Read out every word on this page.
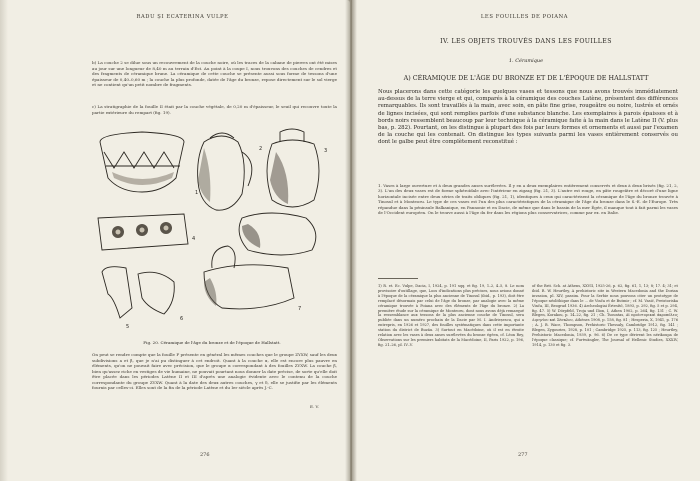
RADU ȘI ECATERINA VULPE
b) La couche 2 se dilue sous un recouvrement de la couche noire, où les traces de la cabane de pierres ont été mises au jour sur une longueur de 8,40 m au terrain d'Est. Au point à la coupe I, nous trouvons des couches de cendres et des fragments de céramique brune. La céramique de cette couche se présente aussi sous forme de tessons d'une épaisseur de 0,40–0,60 m ; la couche la plus profonde, datée de l'âge du bronze, repose directement sur le sol vierge et ne contient qu'un petit nombre de fragments.
c) La stratigraphie de la fouille II était par la couche végétale, de 0,20 m d'épaisseur, le seuil qui recouvre toute la partie extérieure du rempart (fig. 19).
1
2	3
4
5
6
7
Fig. 20. Céramique de l'âge du bronze et de l'époque de Hallstatt.
On peut se rendre compte que la fouille F présente en général les mêmes couches que le groupe ZYXW, sauf les deux subdivisions a et β, que je n'ai pu distinguer à cet endroit. Quant à la couche α, elle est encore plus pauvre en éléments, qu'on ne pouvait faire avec précision, que le groupe α correspondant à des fouilles ZYXW. La couche β, bien qu'assez riche en vestiges de vie humaine, ne pouvait pourtant nous donner la date précise, de sorte qu'elle doit être placée dans les périodes Latène II et III d'après une analogie évidente avec le contenu de la couche correspondante du groupe ZYXW. Quant à la date des deux autres couches, γ et δ, elle se justifie par les éléments fournis par celles-ci. Elles sont de la fin de la période Latène et du Ier siècle après J.-C.
E. V.
276
LES FOUILLES DE POIANA
IV. LES OBJETS TROUVÉS DANS LES FOUILLES
1. Céramique
A) CÉRAMIQUE DE L'ÂGE DU BRONZE ET DE L'ÉPOQUE DE HALLSTATT
Nous placerons dans cette catégorie les quelques vases et tessons que nous avons trouvés immédiatement au-dessus de la terre vierge et qui, comparés à la céramique des couches Latène, présentent des différences remarquables. Ils sont travaillés à la main, avec soin, en pâte fine grise, rougeâtre ou noire, lustrés et ornés de lignes incisées, qui sont remplies parfois d'une substance blanche. Les exemplaires à parois épaisses et à bords noirs ressemblent beaucoup par leur technique à la céramique faite à la main dans le Latène II (V. plus bas, p. 282). Pourtant, on les distingue à plupart des fois par leurs formes et ornements et aussi par l'examen de la couche qui les contenait. On distingue les types suivants parmi les vases entièrement conservés ou dont le galbe peut être complètement reconstitué :
1. Vases à large ouverture et à deux grandes anses surélevées. Il y en a deux exemplaires entièrement conservés et deux à deux brisés (fig. 21, 2, 3). L'un des deux vases est de forme sphéroïdale avec l'intérieur en zigzag (fig. 21, 3). L'autre est rouge, en pâte rougeâtre et décoré d'une ligne horizontale incisée entre deux séries de traits obliques (fig. 21, 1), identiques à ceux qui caractérisent la céramique de l'âge du bronze trouvée à Tinosul et à Monteoru. Le type de ces vases est l'un des plus caractéristiques de la céramique de l'âge du bronze dans le S.-E. de l'Europe. Très répandue dans la péninsule Balkanique, en Pannonie et en Dacie, de même que dans le bassin de la mer Égée, il manque tout à fait parmi les vases de l'Occident européen. On le trouve aussi à l'âge du fer dans les régions plus conservatrices, comme par ex. en Italie.
1) R. et. Ec. Vulpe, Dacia, I, 1924, p. 191 sqq. et fig. 19, 1–2, 4–5, 8. Le nom provisoire d'outillage, que, Loos d'indications plus précises, nous avions donné à l'époque de la céramique la plus ancienne de Tinosul (ibid., p. 193), doit être remplacé désormais par celui de l'âge du bronze, par analogie avec la même céramique trouvée à Poiana avec des éléments de l'âge du bronze. 2) La première étude sur la céramique de Monteoru, dont nous avons déjà remarqué la ressemblance aux tessons de la plus ancienne couche de Tinosul, sera publiée dans un numéro prochain de la Dacie par M. I. Andrieșescu, qui a entrepris, en 1926 et 1927, des fouilles systématiques dans cette importante station du district de Buzău. 3) Surtout en Macédoine, où il est en étroite relation avec les vases à deux anses surélevées du bronze égéen, cf. Léon Rey, Observations sur les premiers habitats de la Macédoine, II, Paris 1922, p. 196, fig. 21–26, pl. IV–V.
of the Brit. Sch. at Athens, XXVII, 1925-26, p. 62, fig. 61, 1, 13; 8; 17. 4; 31; et ibid. R. W. Heurtley, A prehistoric site in Western Macedonia and the Dorian invasion, pl. XIV, passim. Pour la Serbie nous pouvons citer un prototype de l'époque néolithique dans le ... de Vinča et de Butmir ; cf. M. Vasić, Preistoriska Vinča, III, Beograd 1936. 4) Archeologiai Értesítő, 1893, p. 292, fig. 5 et p. 294, fig. 47. 5) W. Dörpfeld, Troja und Ilion, I, Athen 1902, p. 264, fig. 131 ; C. W. Blegen, Korakou, p. 14–22, fig. 21 ; Ch. Tsountas, Αἱ προϊστορικαὶ ἀκροπόλεις Διμηνίου καὶ Σέσκλου, Athènes 1908, p. 158, fig. 81 ; Hesperia, X, 1941, p. 176 ; A. J. B. Wace, Thompson, Prehistoric Thessaly, Cambridge 1912, fig. 141 ; Blegen, Zygouries, 1928, p. 101 ; Cambridge 1925, p. 113, fig. 125 ; Heurtley, Prehistoric Macedonia, 1939, p. 96. 6) De ce type dérivent les nérikoupa de l'époque classique; cf. Furtwängler, The Journal of Hellenic Studies, XXXIV, 1914, p. 130 et fig. 3.
277
